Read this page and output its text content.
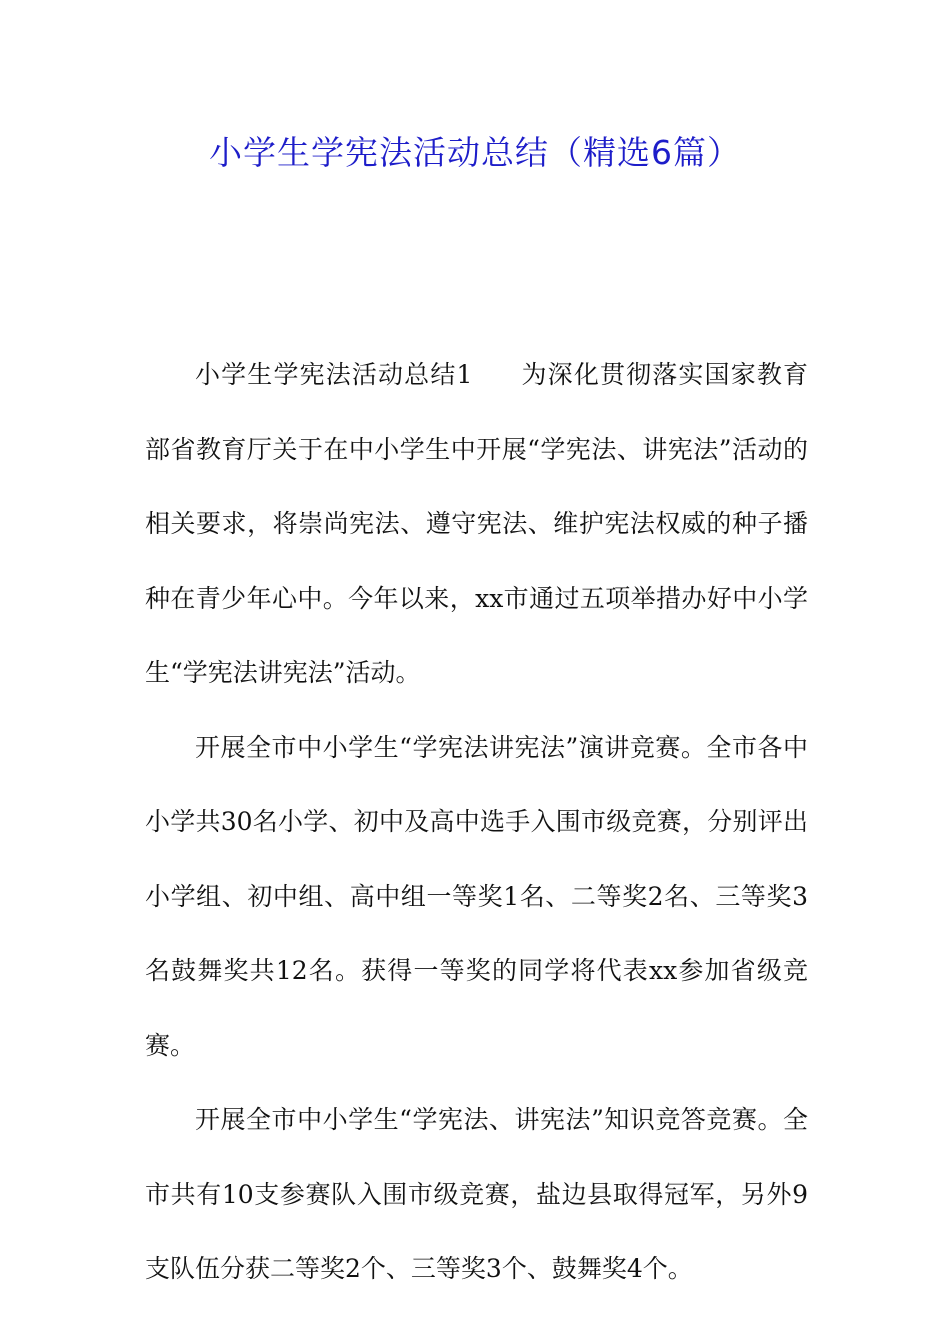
小学生学宪法活动总结（精选6篇）

小学生学宪法活动总结1 为深化贯彻落实国家教育部省教育厅关于在中小学生中开展“学宪法、讲宪法”活动的相关要求，将崇尚宪法、遵守宪法、维护宪法权威的种子播种在青少年心中。今年以来，xx市通过五项举措办好中小学生“学宪法讲宪法”活动。

开展全市中小学生“学宪法讲宪法”演讲竞赛。全市各中小学共30名小学、初中及高中选手入围市级竞赛，分别评出小学组、初中组、高中组一等奖1名、二等奖2名、三等奖3名鼓舞奖共12名。获得一等奖的同学将代表xx参加省级竞赛。

开展全市中小学生“学宪法、讲宪法”知识竞答竞赛。全市共有10支参赛队入围市级竞赛，盐边县取得冠军，另外9支队伍分获二等奖2个、三等奖3个、鼓舞奖4个。
